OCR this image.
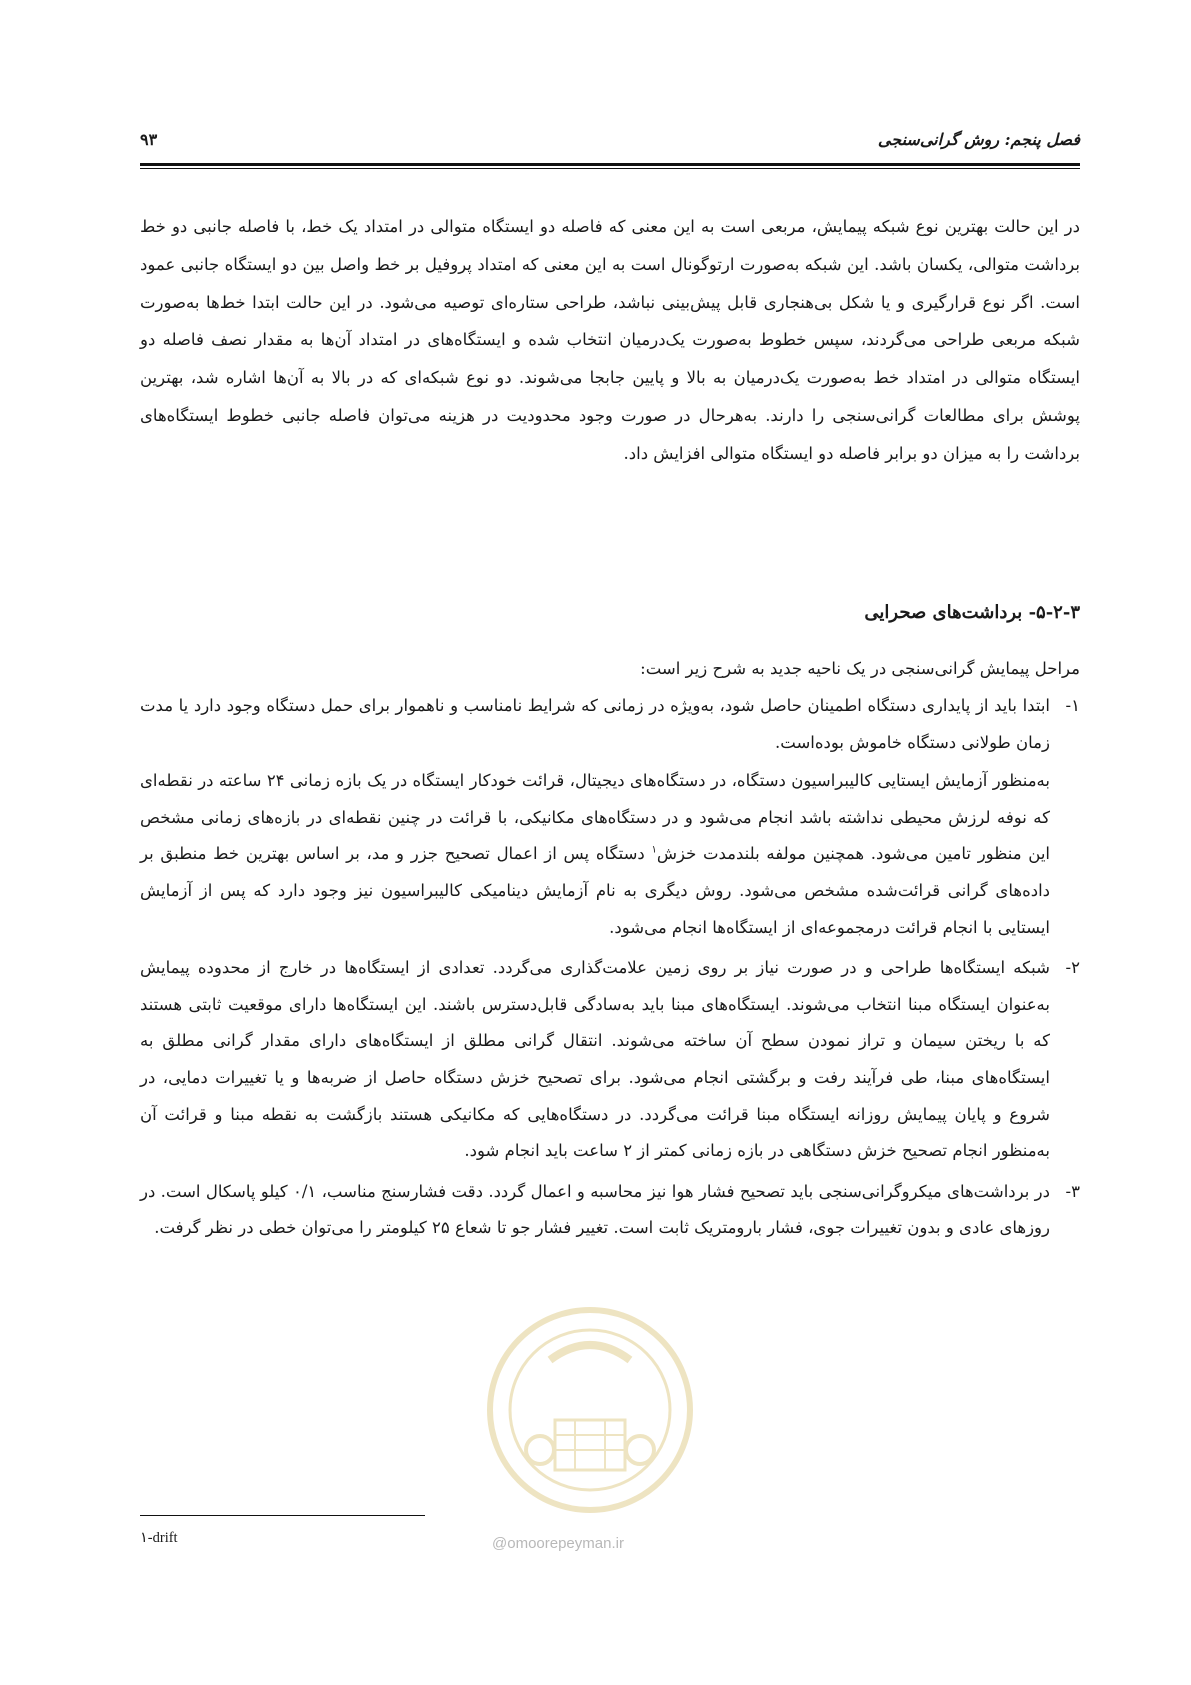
فصل پنجم: روش گرانی‌سنجی
۹۳

در این حالت بهترین نوع شبکه پیمایش، مربعی است به این معنی که فاصله دو ایستگاه متوالی در امتداد یک خط، با فاصله جانبی دو خط برداشت متوالی، یکسان باشد. این شبکه به‌صورت ارتوگونال است به این معنی که امتداد پروفیل بر خط واصل بین دو ایستگاه جانبی عمود است. اگر نوع قرارگیری و یا شکل بی‌هنجاری قابل پیش‌بینی نباشد، طراحی ستاره‌ای توصیه می‌شود. در این حالت ابتدا خط‌ها به‌صورت شبکه مربعی طراحی می‌گردند، سپس خطوط به‌صورت یک‌درمیان انتخاب شده و ایستگاه‌های در امتداد آن‌ها به مقدار نصف فاصله دو ایستگاه متوالی در امتداد خط به‌صورت یک‌درمیان به بالا و پایین جابجا می‌شوند. دو نوع شبکه‌ای که در بالا به آن‌ها اشاره شد، بهترین پوشش برای مطالعات گرانی‌سنجی را دارند. به‌هرحال در صورت وجود محدودیت در هزینه می‌توان فاصله جانبی خطوط ایستگاه‌های برداشت را به میزان دو برابر فاصله دو ایستگاه متوالی افزایش داد.

۵-۲-۳- برداشت‌های صحرایی
مراحل پیمایش گرانی‌سنجی در یک ناحیه جدید به شرح زیر است:
۱-
ابتدا باید از پایداری دستگاه اطمینان حاصل شود، به‌ویژه در زمانی که شرایط نامناسب و ناهموار برای حمل دستگاه وجود دارد یا مدت زمان طولانی دستگاه خاموش بوده‌است.
به‌منظور آزمایش ایستایی کالیبراسیون دستگاه، در دستگاه‌های دیجیتال، قرائت خودکار ایستگاه در یک بازه زمانی ۲۴ ساعته در نقطه‌ای که نوفه لرزش محیطی نداشته باشد انجام می‌شود و در دستگاه‌های مکانیکی، با قرائت در چنین نقطه‌ای در بازه‌های زمانی مشخص این منظور تامین می‌شود. همچنین مولفه بلندمدت خزش$^۱$ دستگاه پس از اعمال تصحیح جزر و مد، بر اساس بهترین خط منطبق بر داده‌های گرانی قرائت‌شده مشخص می‌شود. روش دیگری به نام آزمایش دینامیکی کالیبراسیون نیز وجود دارد که پس از آزمایش ایستایی با انجام قرائت درمجموعه‌ای از ایستگاه‌ها انجام می‌شود.
۲-
شبکه ایستگاه‌ها طراحی و در صورت نیاز بر روی زمین علامت‌گذاری می‌گردد. تعدادی از ایستگاه‌ها در خارج از محدوده پیمایش به‌عنوان ایستگاه مبنا انتخاب می‌شوند. ایستگاه‌های مبنا باید به‌سادگی قابل‌دسترس باشند. این ایستگاه‌ها دارای موقعیت ثابتی هستند که با ریختن سیمان و تراز نمودن سطح آن ساخته می‌شوند. انتقال گرانی مطلق از ایستگاه‌های دارای مقدار گرانی مطلق به ایستگاه‌های مبنا، طی فرآیند رفت و برگشتی انجام می‌شود. برای تصحیح خزش دستگاه حاصل از ضربه‌ها و یا تغییرات دمایی، در شروع و پایان پیمایش روزانه ایستگاه مبنا قرائت می‌گردد. در دستگاه‌هایی که مکانیکی هستند بازگشت به نقطه مبنا و قرائت آن به‌منظور انجام تصحیح خزش دستگاهی در بازه زمانی کمتر از ۲ ساعت باید انجام شود.
۳-
در برداشت‌های میکروگرانی‌سنجی باید تصحیح فشار هوا نیز محاسبه و اعمال گردد. دقت فشارسنج مناسب، ۰/۱ کیلو پاسکال است. در روزهای عادی و بدون تغییرات جوی، فشار بارومتریک ثابت است. تغییر فشار جو تا شعاع ۲۵ کیلومتر را می‌توان خطی در نظر گرفت.
۱-drift	@omoorepeyman.ir
